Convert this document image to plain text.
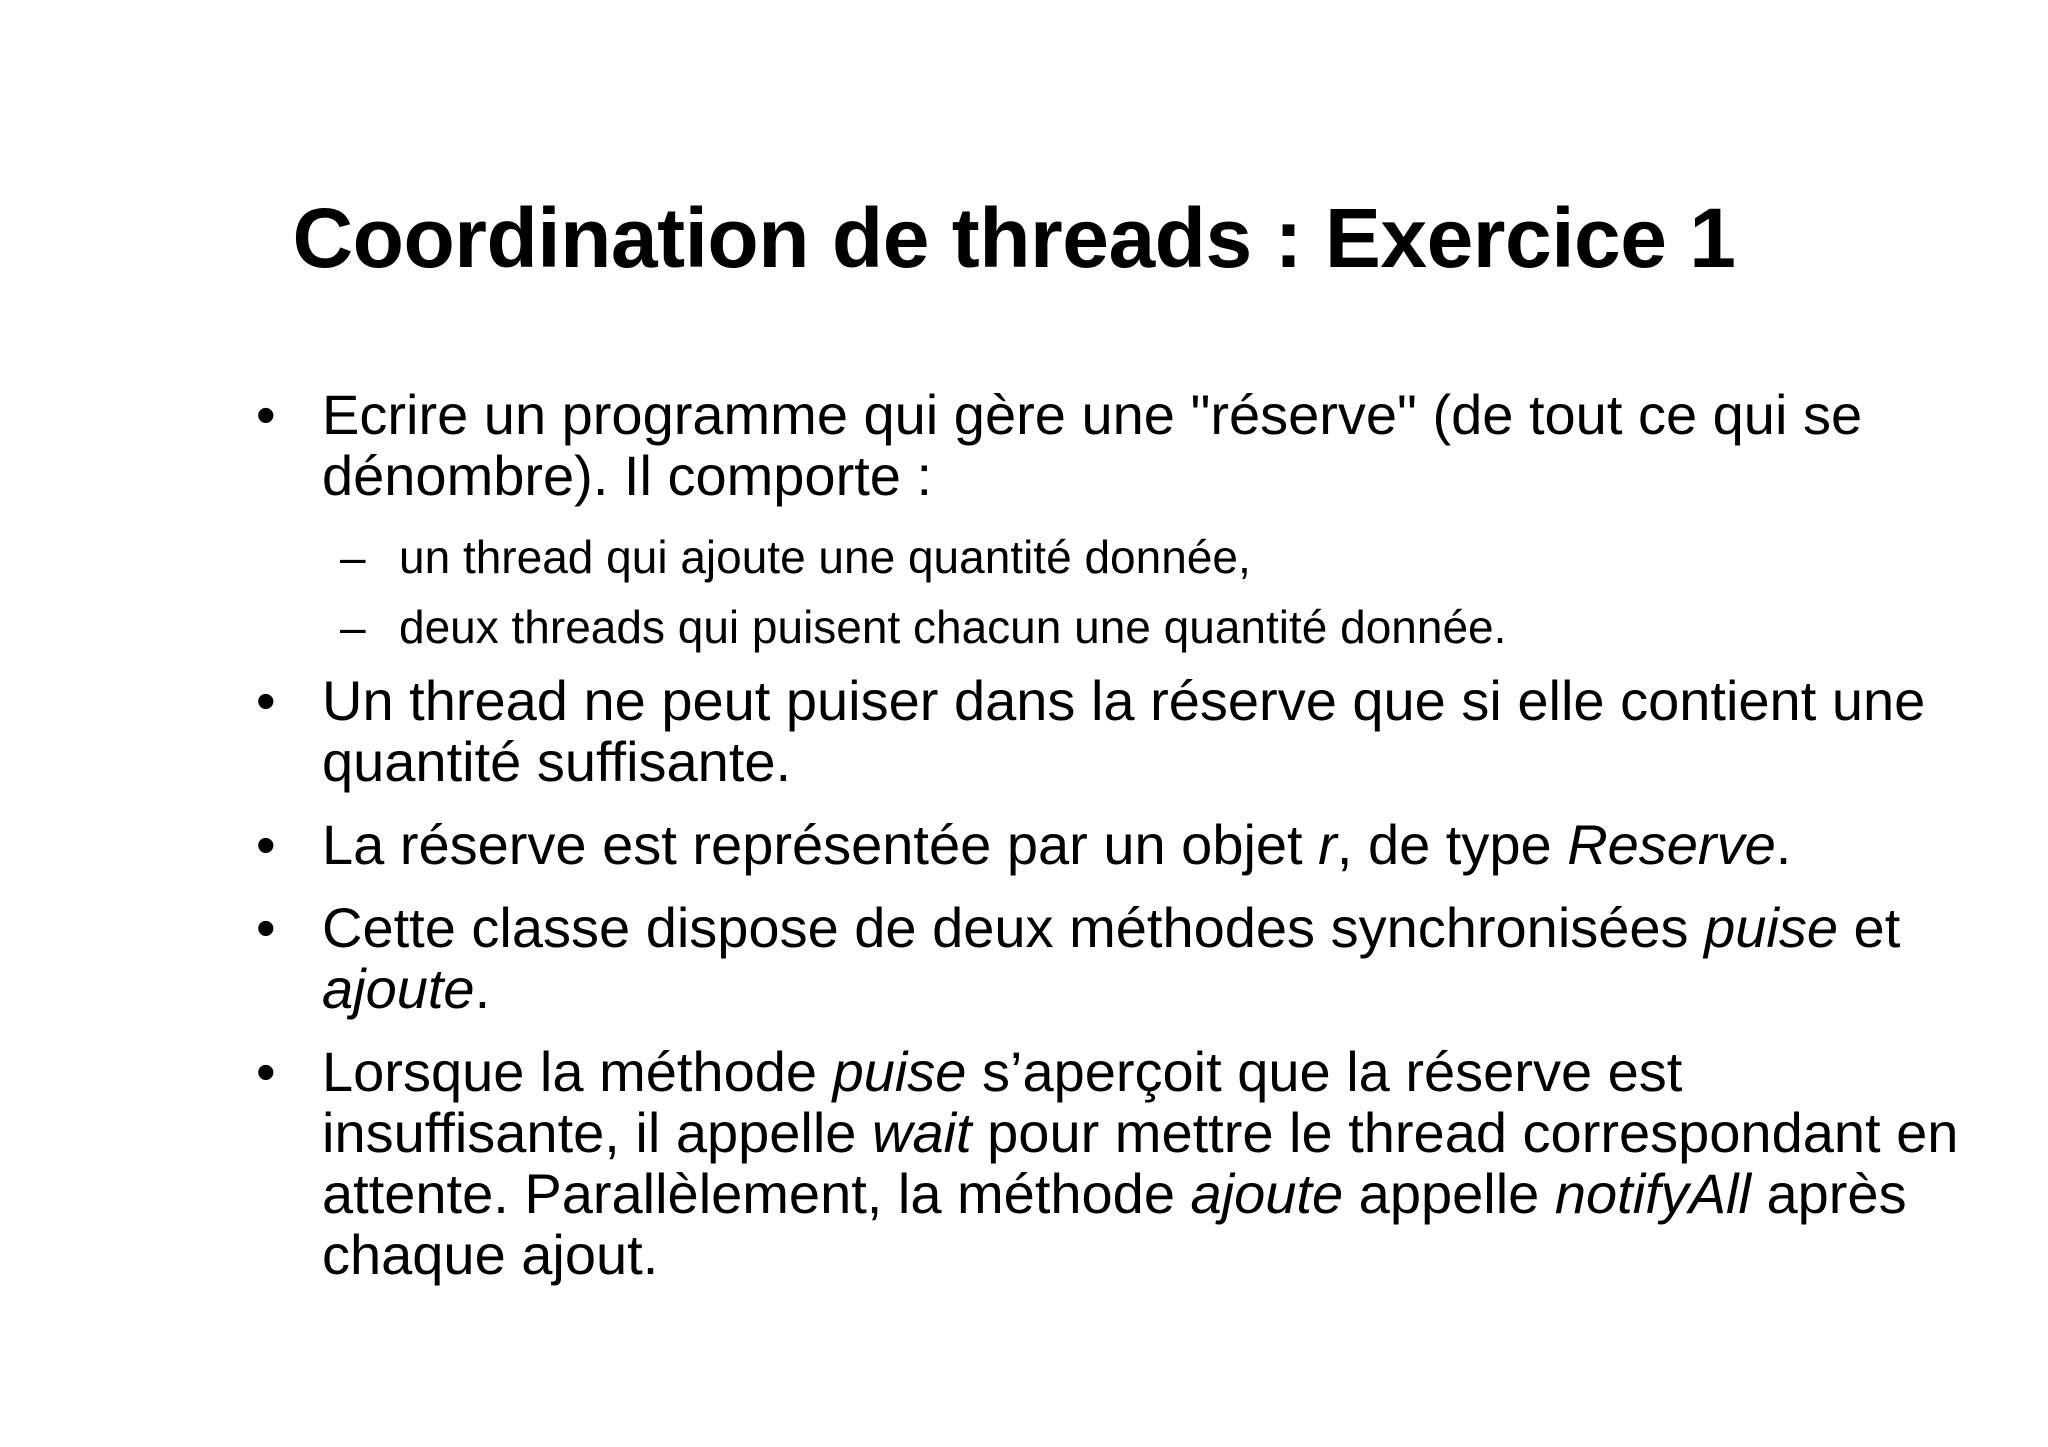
Coordination de threads : Exercice 1
• Ecrire un programme qui gère une "réserve" (de tout ce qui se dénombre). Il comporte :
– un thread qui ajoute une quantité donnée,
– deux threads qui puisent chacun une quantité donnée.
• Un thread ne peut puiser dans la réserve que si elle contient une quantité suffisante.
• La réserve est représentée par un objet r, de type Reserve.
• Cette classe dispose de deux méthodes synchronisées puise et ajoute.
• Lorsque la méthode puise s’aperçoit que la réserve est insuffisante, il appelle wait pour mettre le thread correspondant en attente. Parallèlement, la méthode ajoute appelle notifyAll après chaque ajout.
